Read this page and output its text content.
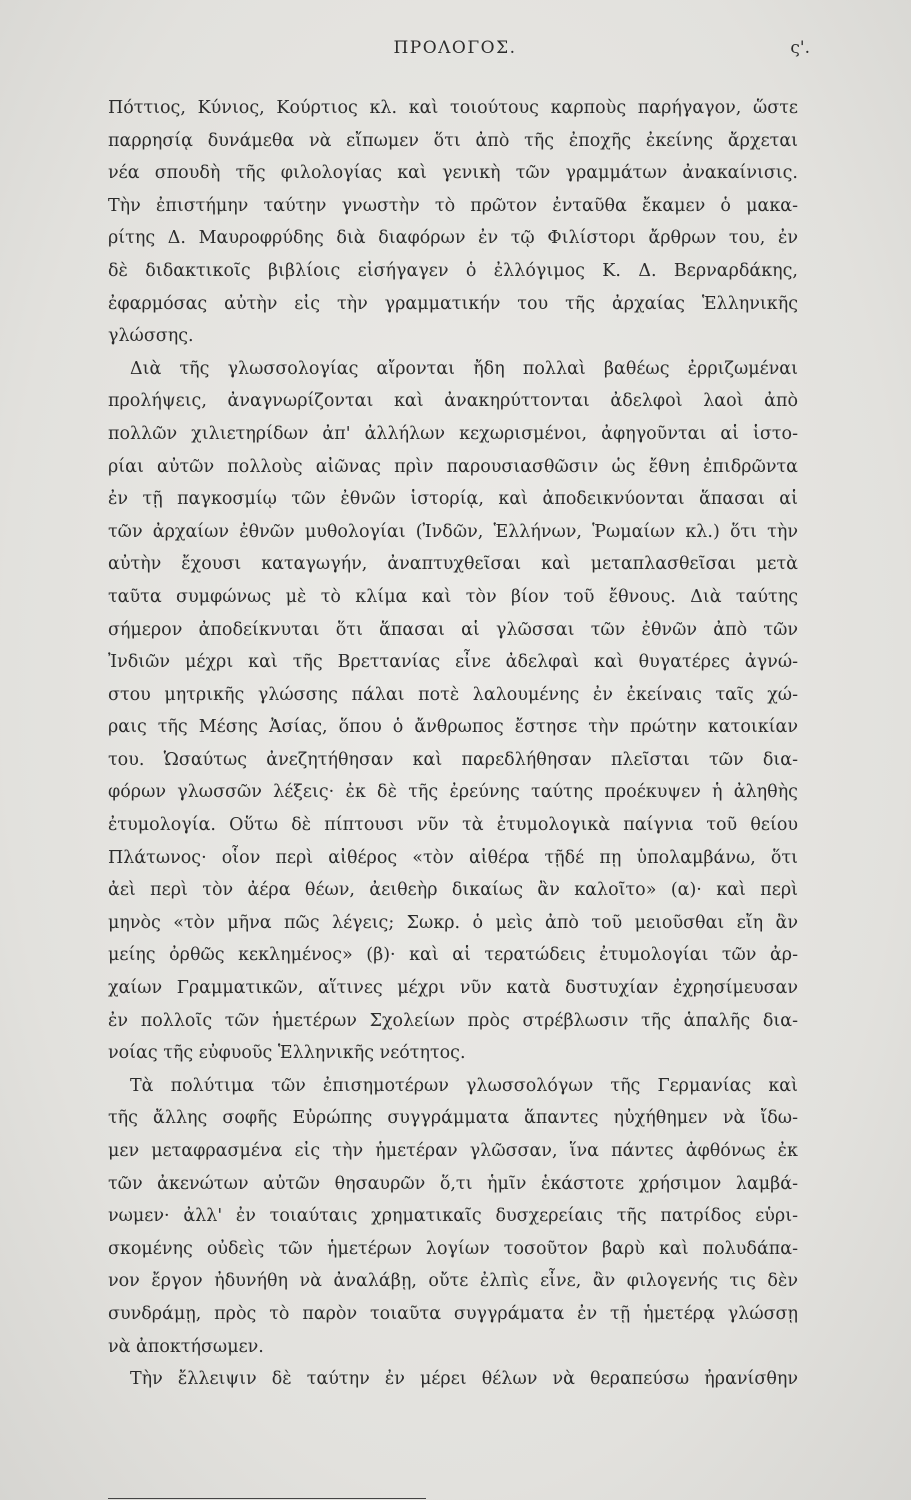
ΠΡΟΛΟΓΟΣ.	ς'.
Πόττιος, Κύνιος, Κούρτιος κλ. καὶ τοιούτους καρποὺς παρήγαγον, ὥστε
παρρησίᾳ δυνάμεθα νὰ εἴπωμεν ὅτι ἀπὸ τῆς ἐποχῆς ἐκείνης ἄρχεται
νέα σπουδὴ τῆς φιλολογίας καὶ γενικὴ τῶν γραμμάτων ἀνακαίνισις.
Τὴν ἐπιστήμην ταύτην γνωστὴν τὸ πρῶτον ἐνταῦθα ἔκαμεν ὁ μακα-
ρίτης Δ. Μαυροφρύδης διὰ διαφόρων ἐν τῷ Φιλίστορι ἄρθρων του, ἐν
δὲ διδακτικοῖς βιβλίοις εἰσήγαγεν ὁ ἐλλόγιμος Κ. Δ. Βερναρδάκης,
ἐφαρμόσας αὐτὴν εἰς τὴν γραμματικήν του τῆς ἀρχαίας Ἑλληνικῆς
γλώσσης.
Διὰ τῆς γλωσσολογίας αἴρονται ἤδη πολλαὶ βαθέως ἐρριζωμέναι
προλήψεις, ἀναγνωρίζονται καὶ ἀνακηρύττονται ἀδελφοὶ λαοὶ ἀπὸ
πολλῶν χιλιετηρίδων ἀπ' ἀλλήλων κεχωρισμένοι, ἀφηγοῦνται αἱ ἱστο-
ρίαι αὐτῶν πολλοὺς αἰῶνας πρὶν παρουσιασθῶσιν ὡς ἔθνη ἐπιδρῶντα
ἐν τῇ παγκοσμίῳ τῶν ἐθνῶν ἱστορίᾳ, καὶ ἀποδεικνύονται ἅπασαι αἱ
τῶν ἀρχαίων ἐθνῶν μυθολογίαι (Ἰνδῶν, Ἑλλήνων, Ῥωμαίων κλ.) ὅτι τὴν
αὐτὴν ἔχουσι καταγωγήν, ἀναπτυχθεῖσαι καὶ μεταπλασθεῖσαι μετὰ
ταῦτα συμφώνως μὲ τὸ κλίμα καὶ τὸν βίον τοῦ ἔθνους. Διὰ ταύτης
σήμερον ἀποδείκνυται ὅτι ἅπασαι αἱ γλῶσσαι τῶν ἐθνῶν ἀπὸ τῶν
Ἰνδιῶν μέχρι καὶ τῆς Βρεττανίας εἶνε ἀδελφαὶ καὶ θυγατέρες ἀγνώ-
στου μητρικῆς γλώσσης πάλαι ποτὲ λαλουμένης ἐν ἐκείναις ταῖς χώ-
ραις τῆς Μέσης Ἀσίας, ὅπου ὁ ἄνθρωπος ἔστησε τὴν πρώτην κατοικίαν
του. Ὡσαύτως ἀνεζητήθησαν καὶ παρεδλήθησαν πλεῖσται τῶν δια-
φόρων γλωσσῶν λέξεις· ἐκ δὲ τῆς ἐρεύνης ταύτης προέκυψεν ἡ ἀληθὴς
ἐτυμολογία. Οὕτω δὲ πίπτουσι νῦν τὰ ἐτυμολογικὰ παίγνια τοῦ θείου
Πλάτωνος· οἷον περὶ αἰθέρος «τὸν αἰθέρα τῇδέ πῃ ὑπολαμβάνω, ὅτι
ἀεὶ περὶ τὸν ἀέρα θέων, ἀειθεὴρ δικαίως ἂν καλοῖτο» (α)· καὶ περὶ
μηνὸς «τὸν μῆνα πῶς λέγεις; Σωκρ. ὁ μεὶς ἀπὸ τοῦ μειοῦσθαι εἴη ἂν
μείης ὀρθῶς κεκλημένος» (β)· καὶ αἱ τερατώδεις ἐτυμολογίαι τῶν ἀρ-
χαίων Γραμματικῶν, αἵτινες μέχρι νῦν κατὰ δυστυχίαν ἐχρησίμευσαν
ἐν πολλοῖς τῶν ἡμετέρων Σχολείων πρὸς στρέβλωσιν τῆς ἁπαλῆς δια-
νοίας τῆς εὐφυοῦς Ἑλληνικῆς νεότητος.
Τὰ πολύτιμα τῶν ἐπισημοτέρων γλωσσολόγων τῆς Γερμανίας καὶ
τῆς ἄλλης σοφῆς Εὐρώπης συγγράμματα ἅπαντες ηὐχήθημεν νὰ ἴδω-
μεν μεταφρασμένα εἰς τὴν ἡμετέραν γλῶσσαν, ἵνα πάντες ἀφθόνως ἐκ
τῶν ἀκενώτων αὐτῶν θησαυρῶν ὅ,τι ἡμῖν ἑκάστοτε χρήσιμον λαμβά-
νωμεν· ἀλλ' ἐν τοιαύταις χρηματικαῖς δυσχερείαις τῆς πατρίδος εὑρι-
σκομένης οὐδεὶς τῶν ἡμετέρων λογίων τοσοῦτον βαρὺ καὶ πολυδάπα-
νον ἔργον ἠδυνήθη νὰ ἀναλάβῃ, οὔτε ἐλπὶς εἶνε, ἂν φιλογενής τις δὲν
συνδράμῃ, πρὸς τὸ παρὸν τοιαῦτα συγγράματα ἐν τῇ ἡμετέρᾳ γλώσσῃ
νὰ ἀποκτήσωμεν.
Τὴν ἔλλειψιν δὲ ταύτην ἐν μέρει θέλων νὰ θεραπεύσω ἠρανίσθην
